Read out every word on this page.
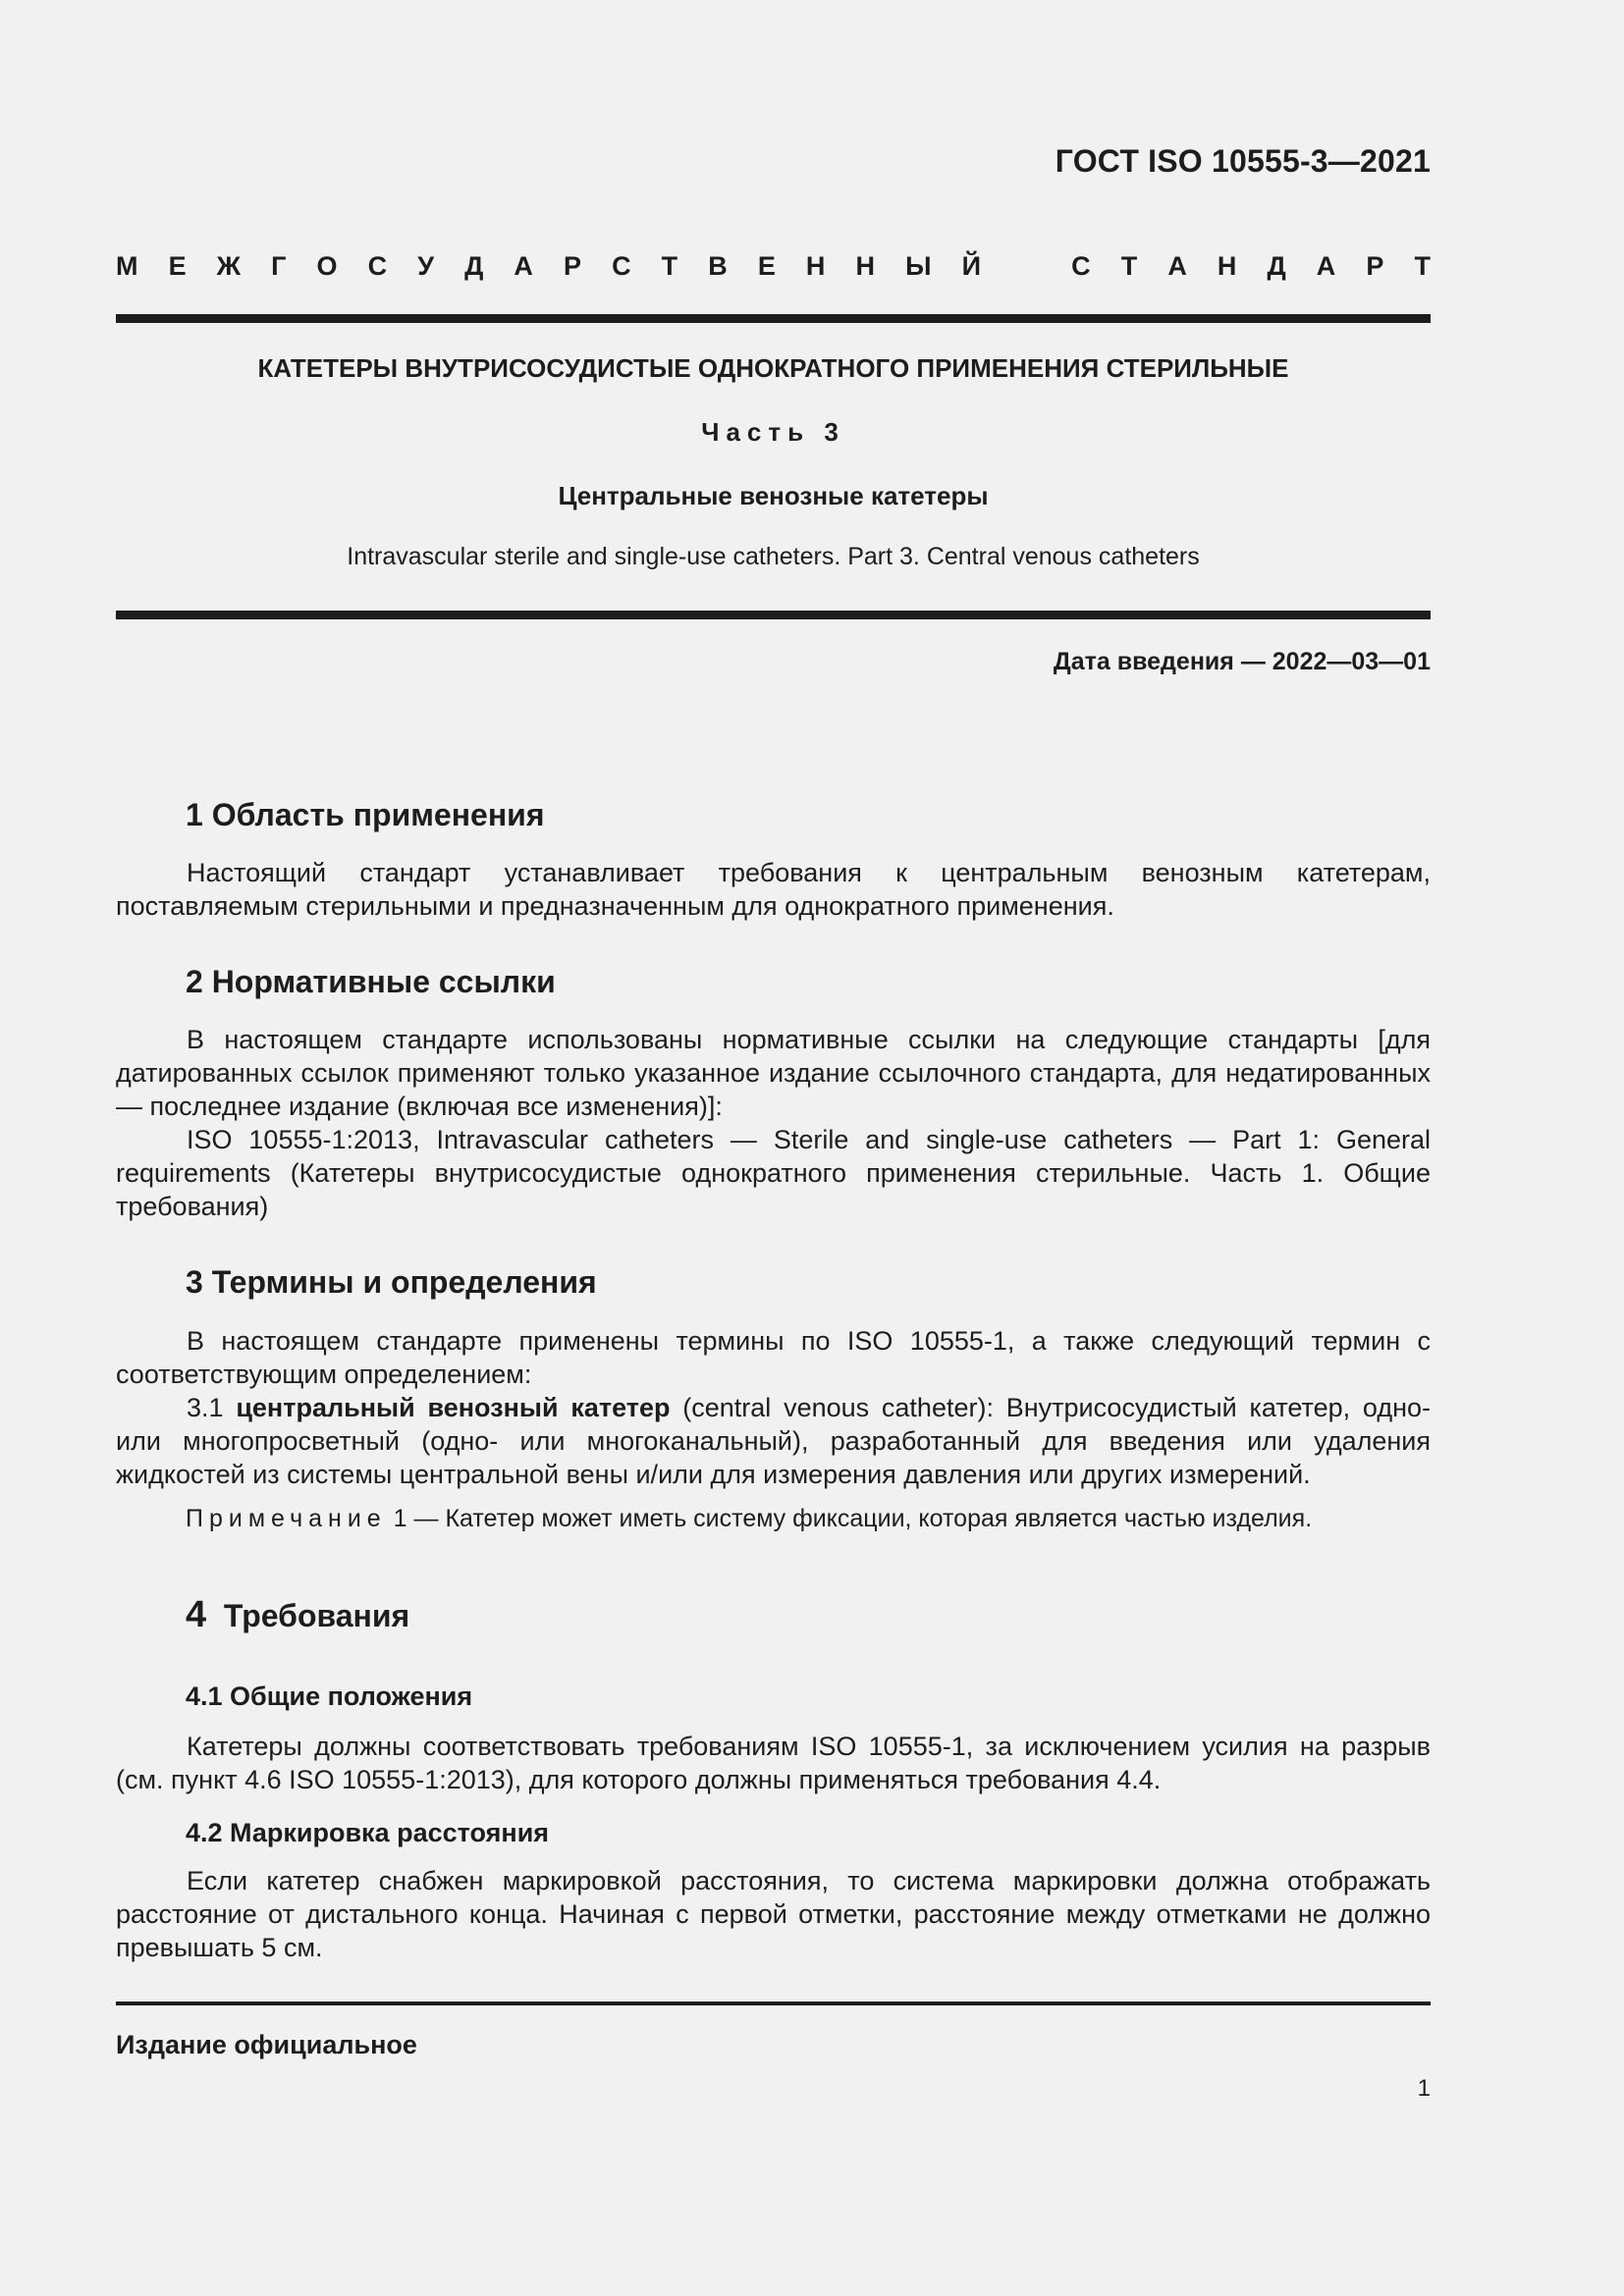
ГОСТ ISO 10555-3—2021
М Е Ж Г О С У Д А Р С Т В Е Н Н Ы Й	С Т А Н Д А Р Т
КАТЕТЕРЫ ВНУТРИСОСУДИСТЫЕ ОДНОКРАТНОГО ПРИМЕНЕНИЯ СТЕРИЛЬНЫЕ
Часть 3
Центральные венозные катетеры
Intravascular sterile and single-use catheters. Part 3. Central venous catheters
Дата введения — 2022—03—01
1 Область применения

Настоящий стандарт устанавливает требования к центральным венозным катетерам, поставляемым стерильными и предназначенным для однократного применения.

2 Нормативные ссылки

В настоящем стандарте использованы нормативные ссылки на следующие стандарты [для датированных ссылок применяют только указанное издание ссылочного стандарта, для недатированных — последнее издание (включая все изменения)]:

ISO 10555-1:2013, Intravascular catheters — Sterile and single-use catheters — Part 1: General requirements (Катетеры внутрисосудистые однократного применения стерильные. Часть 1. Общие требования)

3 Термины и определения

В настоящем стандарте применены термины по ISO 10555-1, а также следующий термин с соответствующим определением:

3.1 центральный венозный катетер (central venous catheter): Внутрисосудистый катетер, одно- или многопросветный (одно- или многоканальный), разработанный для введения или удаления жидкостей из системы центральной вены и/или для измерения давления или других измерений.

Примечание 1 — Катетер может иметь систему фиксации, которая является частью изделия.
4 Требования
4.1 Общие положения

Катетеры должны соответствовать требованиям ISO 10555-1, за исключением усилия на разрыв (см. пункт 4.6 ISO 10555-1:2013), для которого должны применяться требования 4.4.

4.2 Маркировка расстояния

Если катетер снабжен маркировкой расстояния, то система маркировки должна отображать расстояние от дистального конца. Начиная с первой отметки, расстояние между отметками не должно превышать 5 см.

Издание официальное
1
